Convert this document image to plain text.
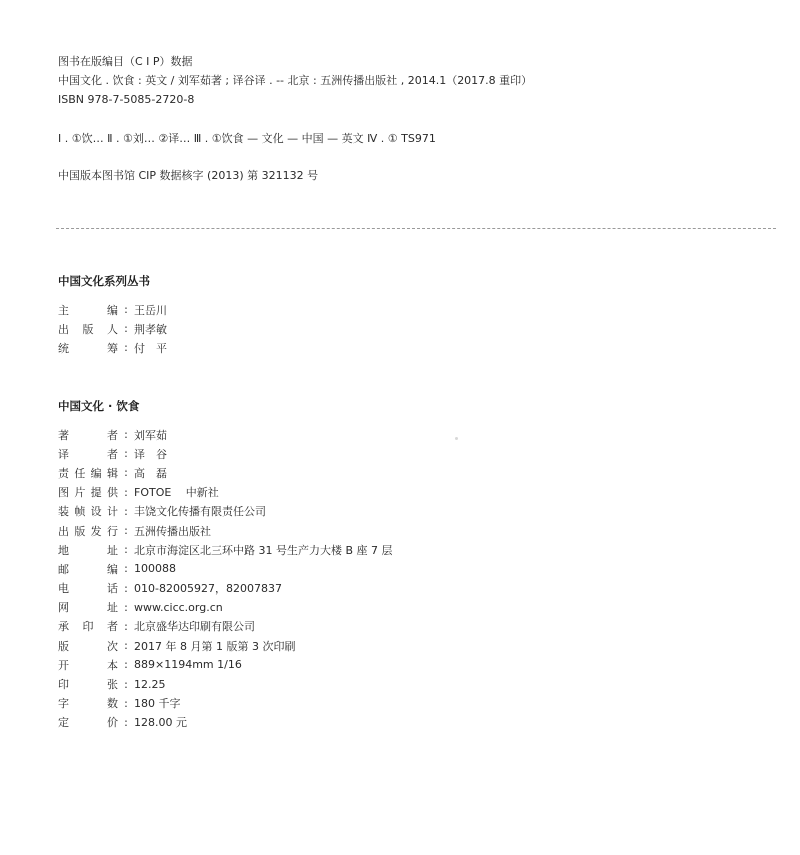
图书在版编目（C I P）数据
中国文化 . 饮食 : 英文 / 刘军茹著 ; 译谷译 . -- 北京 : 五洲传播出版社 , 2014.1（2017.8 重印）
ISBN 978-7-5085-2720-8
Ⅰ . ①饮… Ⅱ . ①刘… ②译… Ⅲ . ①饮食 — 文化 — 中国 — 英文 Ⅳ . ① TS971
中国版本图书馆 CIP 数据核字 (2013) 第 321132 号
中国文化系列丛书
主	编 : 王岳川
出 版 人 : 荆孝敏
统	筹 : 付　平
中国文化 · 饮食
著	者 : 刘军茹
译	者 : 译　谷
责 任 编 辑 : 高　磊
图 片 提 供 : FOTOE　 中新社
装 帧 设 计 : 丰饶文化传播有限责任公司
出 版 发 行 : 五洲传播出版社
地	址 : 北京市海淀区北三环中路 31 号生产力大楼 B 座 7 层
邮	编 : 100088
电	话 : 010-82005927，82007837
网	址 : www.cicc.org.cn
承 印 者 : 北京盛华达印刷有限公司
版	次 : 2017 年 8 月第 1 版第 3 次印刷
开	本 : 889×1194mm 1/16
印	张 : 12.25
字	数 : 180 千字
定	价 : 128.00 元
